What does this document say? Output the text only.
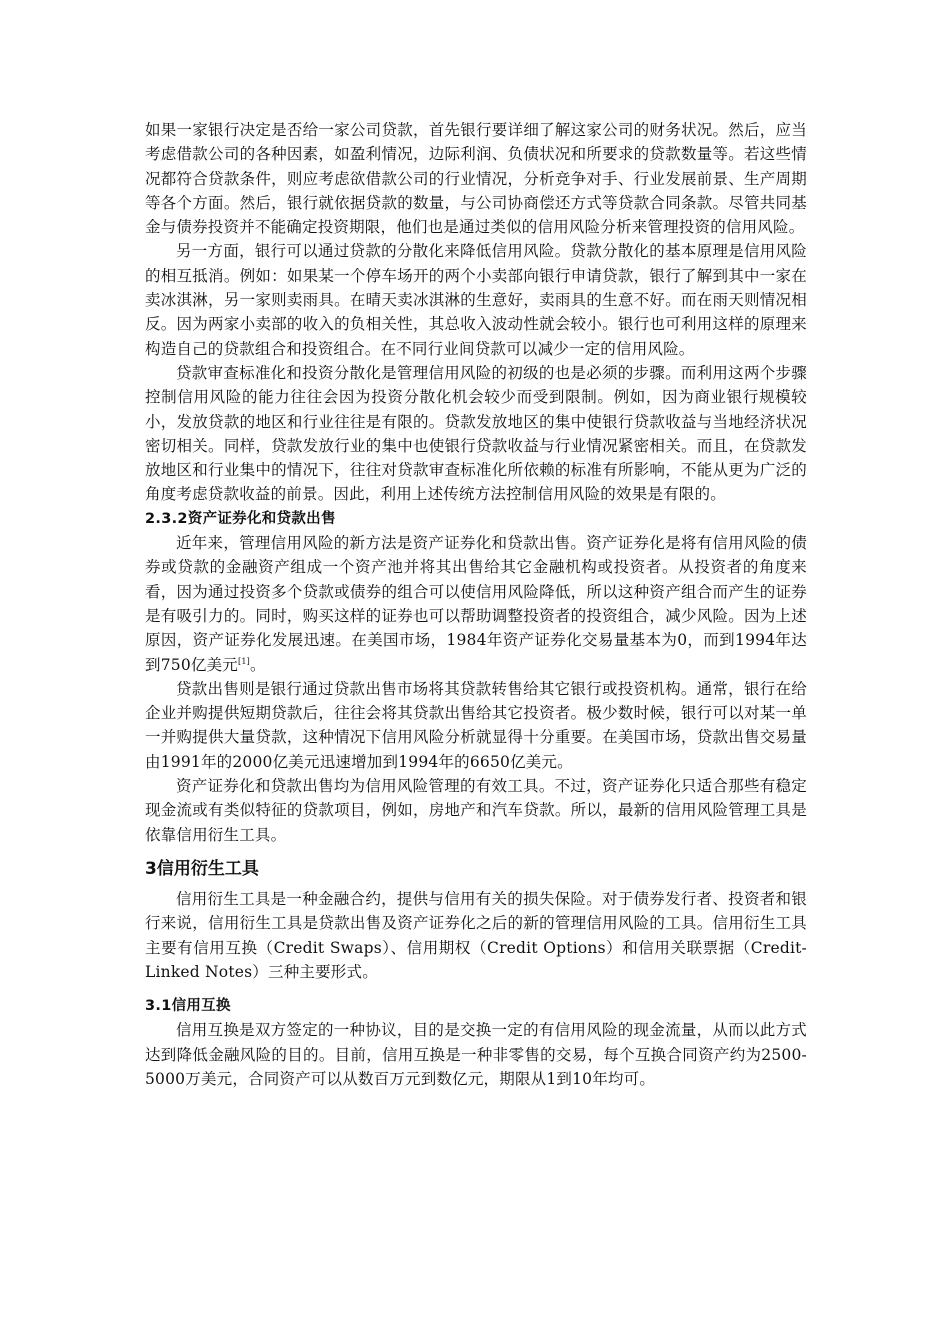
如果一家银行决定是否给一家公司贷款，首先银行要详细了解这家公司的财务状况。然后，应当考虑借款公司的各种因素，如盈利情况，边际利润、负债状况和所要求的贷款数量等。若这些情况都符合贷款条件，则应考虑欲借款公司的行业情况，分析竞争对手、行业发展前景、生产周期等各个方面。然后，银行就依据贷款的数量，与公司协商偿还方式等贷款合同条款。尽管共同基金与债券投资并不能确定投资期限，他们也是通过类似的信用风险分析来管理投资的信用风险。

另一方面，银行可以通过贷款的分散化来降低信用风险。贷款分散化的基本原理是信用风险的相互抵消。例如：如果某一个停车场开的两个小卖部向银行申请贷款，银行了解到其中一家在卖冰淇淋，另一家则卖雨具。在晴天卖冰淇淋的生意好，卖雨具的生意不好。而在雨天则情况相反。因为两家小卖部的收入的负相关性，其总收入波动性就会较小。银行也可利用这样的原理来构造自己的贷款组合和投资组合。在不同行业间贷款可以减少一定的信用风险。

贷款审查标准化和投资分散化是管理信用风险的初级的也是必须的步骤。而利用这两个步骤控制信用风险的能力往往会因为投资分散化机会较少而受到限制。例如，因为商业银行规模较小，发放贷款的地区和行业往往是有限的。贷款发放地区的集中使银行贷款收益与当地经济状况密切相关。同样，贷款发放行业的集中也使银行贷款收益与行业情况紧密相关。而且，在贷款发放地区和行业集中的情况下，往往对贷款审查标准化所依赖的标准有所影响，不能从更为广泛的角度考虑贷款收益的前景。因此，利用上述传统方法控制信用风险的效果是有限的。

2.3.2资产证券化和贷款出售

近年来，管理信用风险的新方法是资产证券化和贷款出售。资产证券化是将有信用风险的债券或贷款的金融资产组成一个资产池并将其出售给其它金融机构或投资者。从投资者的角度来看，因为通过投资多个贷款或债券的组合可以使信用风险降低，所以这种资产组合而产生的证券是有吸引力的。同时，购买这样的证券也可以帮助调整投资者的投资组合，减少风险。因为上述原因，资产证券化发展迅速。在美国市场，1984年资产证券化交易量基本为0，而到1994年达到750亿美元[1]。

贷款出售则是银行通过贷款出售市场将其贷款转售给其它银行或投资机构。通常，银行在给企业并购提供短期贷款后，往往会将其贷款出售给其它投资者。极少数时候，银行可以对某一单一并购提供大量贷款，这种情况下信用风险分析就显得十分重要。在美国市场，贷款出售交易量由1991年的2000亿美元迅速增加到1994年的6650亿美元。

资产证券化和贷款出售均为信用风险管理的有效工具。不过，资产证券化只适合那些有稳定现金流或有类似特征的贷款项目，例如，房地产和汽车贷款。所以，最新的信用风险管理工具是依靠信用衍生工具。

3信用衍生工具

信用衍生工具是一种金融合约，提供与信用有关的损失保险。对于债券发行者、投资者和银行来说，信用衍生工具是贷款出售及资产证券化之后的新的管理信用风险的工具。信用衍生工具主要有信用互换（Credit Swaps）、信用期权（Credit Options）和信用关联票据（Credit-Linked Notes）三种主要形式。

3.1信用互换

信用互换是双方签定的一种协议，目的是交换一定的有信用风险的现金流量，从而以此方式达到降低金融风险的目的。目前，信用互换是一种非零售的交易，每个互换合同资产约为2500-5000万美元，合同资产可以从数百万元到数亿元，期限从1到10年均可。
